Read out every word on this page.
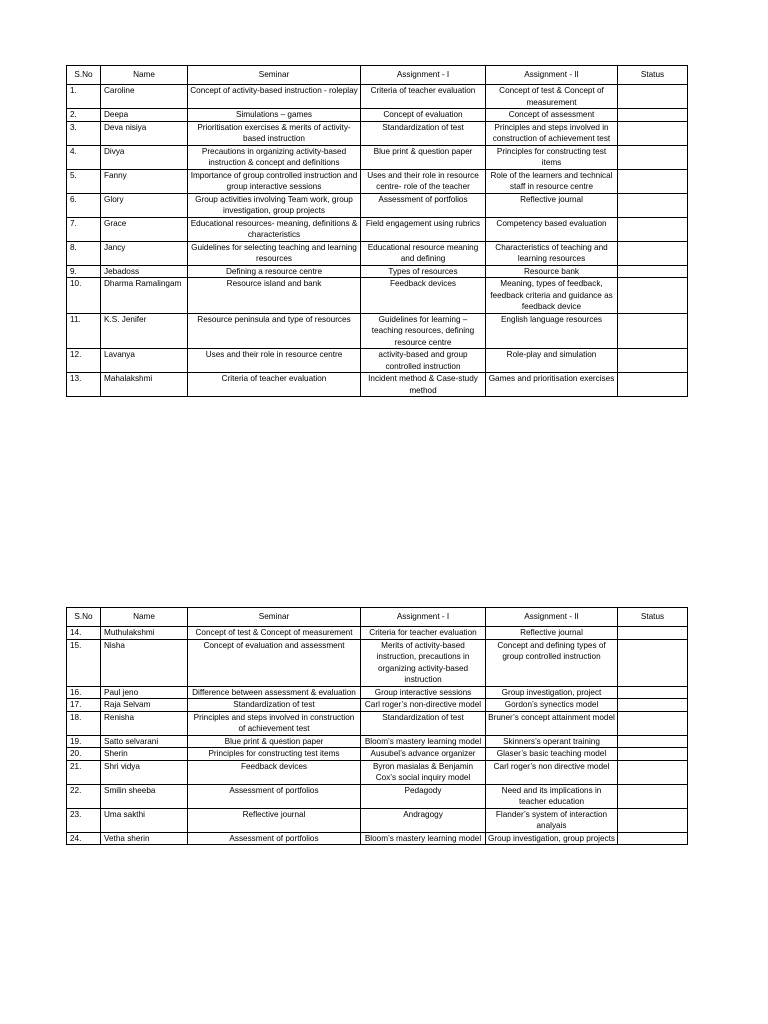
S.No	Name	Seminar	Assignment - I	Assignment - II	Status
1.	Caroline	Concept of activity-based instruction - roleplay	Criteria of teacher evaluation	Concept of test & Concept of measurement	
2.	Deepa	Simulations – games	Concept of evaluation	Concept of assessment	
3.	Deva nisiya	Prioritisation exercises & merits of activity-based instruction	Standardization of test	Principles and steps involved in construction of achievement test	
4.	Divya	Precautions in organizing activity-based instruction & concept and definitions	Blue print & question paper	Principles for constructing test items	
5.	Fanny	Importance of group controlled instruction and group interactive sessions	Uses and their role in resource centre- role of the teacher	Role of the learners and technical staff in resource centre	
6.	Glory	Group activities involving Team work, group investigation, group projects	Assessment of portfolios	Reflective journal	
7.	Grace	Educational resources- meaning, definitions & characteristics	Field engagement using rubrics	Competency based evaluation	
8.	Jancy	Guidelines for selecting teaching and learning resources	Educational resource meaning and defining	Characteristics of teaching and learning resources	
9.	Jebadoss	Defining a resource centre	Types of resources	Resource bank	
10.	Dharma Ramalingam	Resource island and bank	Feedback devices	Meaning, types of feedback, feedback criteria and guidance as feedback device	
11.	K.S. Jenifer	Resource peninsula and type of resources	Guidelines for learning – teaching resources, defining resource centre	English language resources	
12.	Lavanya	Uses and their role in resource centre	activity-based and group controlled instruction	Role-play and simulation	
13.	Mahalakshmi	Criteria of teacher evaluation	Incident method & Case-study method	Games and prioritisation exercises	
S.No	Name	Seminar	Assignment - I	Assignment - II	Status
14.	Muthulakshmi	Concept of test & Concept of measurement	Criteria for teacher evaluation	Reflective journal	
15.	Nisha	Concept of evaluation and assessment	Merits of activity-based instruction, precautions in organizing activity-based instruction	Concept and defining types of group controlled instruction	
16.	Paul jeno	Difference between assessment & evaluation	Group interactive sessions	Group investigation, project	
17.	Raja Selvam	Standardization of test	Carl roger’s non-directive model	Gordon’s synectics model	
18.	Renisha	Principles and steps involved in construction of achievement test	Standardization of test	Bruner’s concept attainment model	
19.	Satto selvarani	Blue print & question paper	Bloom’s mastery learning model	Skinners’s operant training	
20.	Sherin	Principles for constructing test items	Ausubel’s advance organizer	Glaser’s basic teaching model	
21.	Shri vidya	Feedback devices	Byron masialas & Benjamin Cox’s social inquiry model	Carl roger’s non directive model	
22.	Smilin sheeba	Assessment of portfolios	Pedagody	Need and its implications in teacher education	
23.	Uma sakthi	Reflective journal	Andragogy	Flander’s system of interaction analyais	
24.	Vetha sherin	Assessment of portfolios	Bloom’s mastery learning model	Group investigation, group projects	
